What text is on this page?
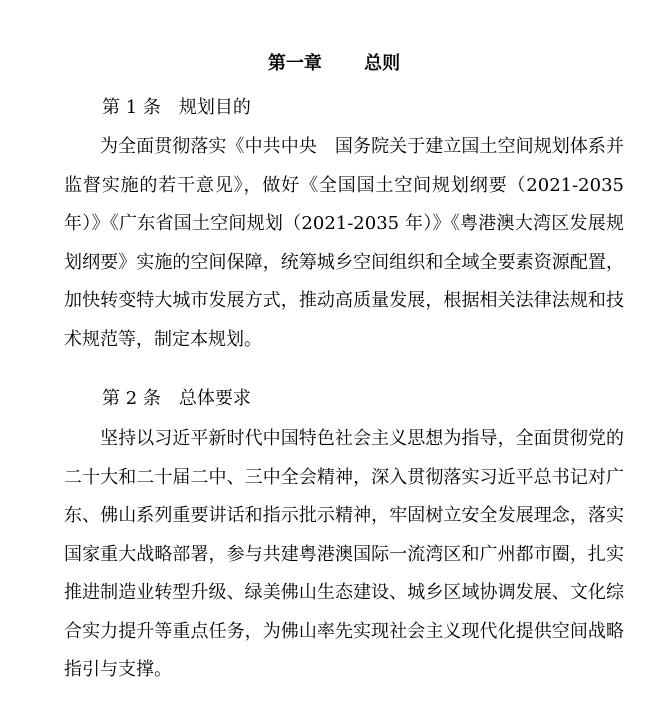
第一章　　 总则
第 1 条　规划目的
为全面贯彻落实《中共中央　国务院关于建立国土空间规划体系并监督实施的若干意见》，做好《全国国土空间规划纲要（2021-2035年）》《广东省国土空间规划（2021-2035 年）》《粤港澳大湾区发展规划纲要》实施的空间保障，统筹城乡空间组织和全域全要素资源配置，加快转变特大城市发展方式，推动高质量发展，根据相关法律法规和技术规范等，制定本规划。
第 2 条　总体要求
坚持以习近平新时代中国特色社会主义思想为指导，全面贯彻党的二十大和二十届二中、三中全会精神，深入贯彻落实习近平总书记对广东、佛山系列重要讲话和指示批示精神，牢固树立安全发展理念，落实国家重大战略部署，参与共建粤港澳国际一流湾区和广州都市圈，扎实推进制造业转型升级、绿美佛山生态建设、城乡区域协调发展、文化综合实力提升等重点任务，为佛山率先实现社会主义现代化提供空间战略指引与支撑。
